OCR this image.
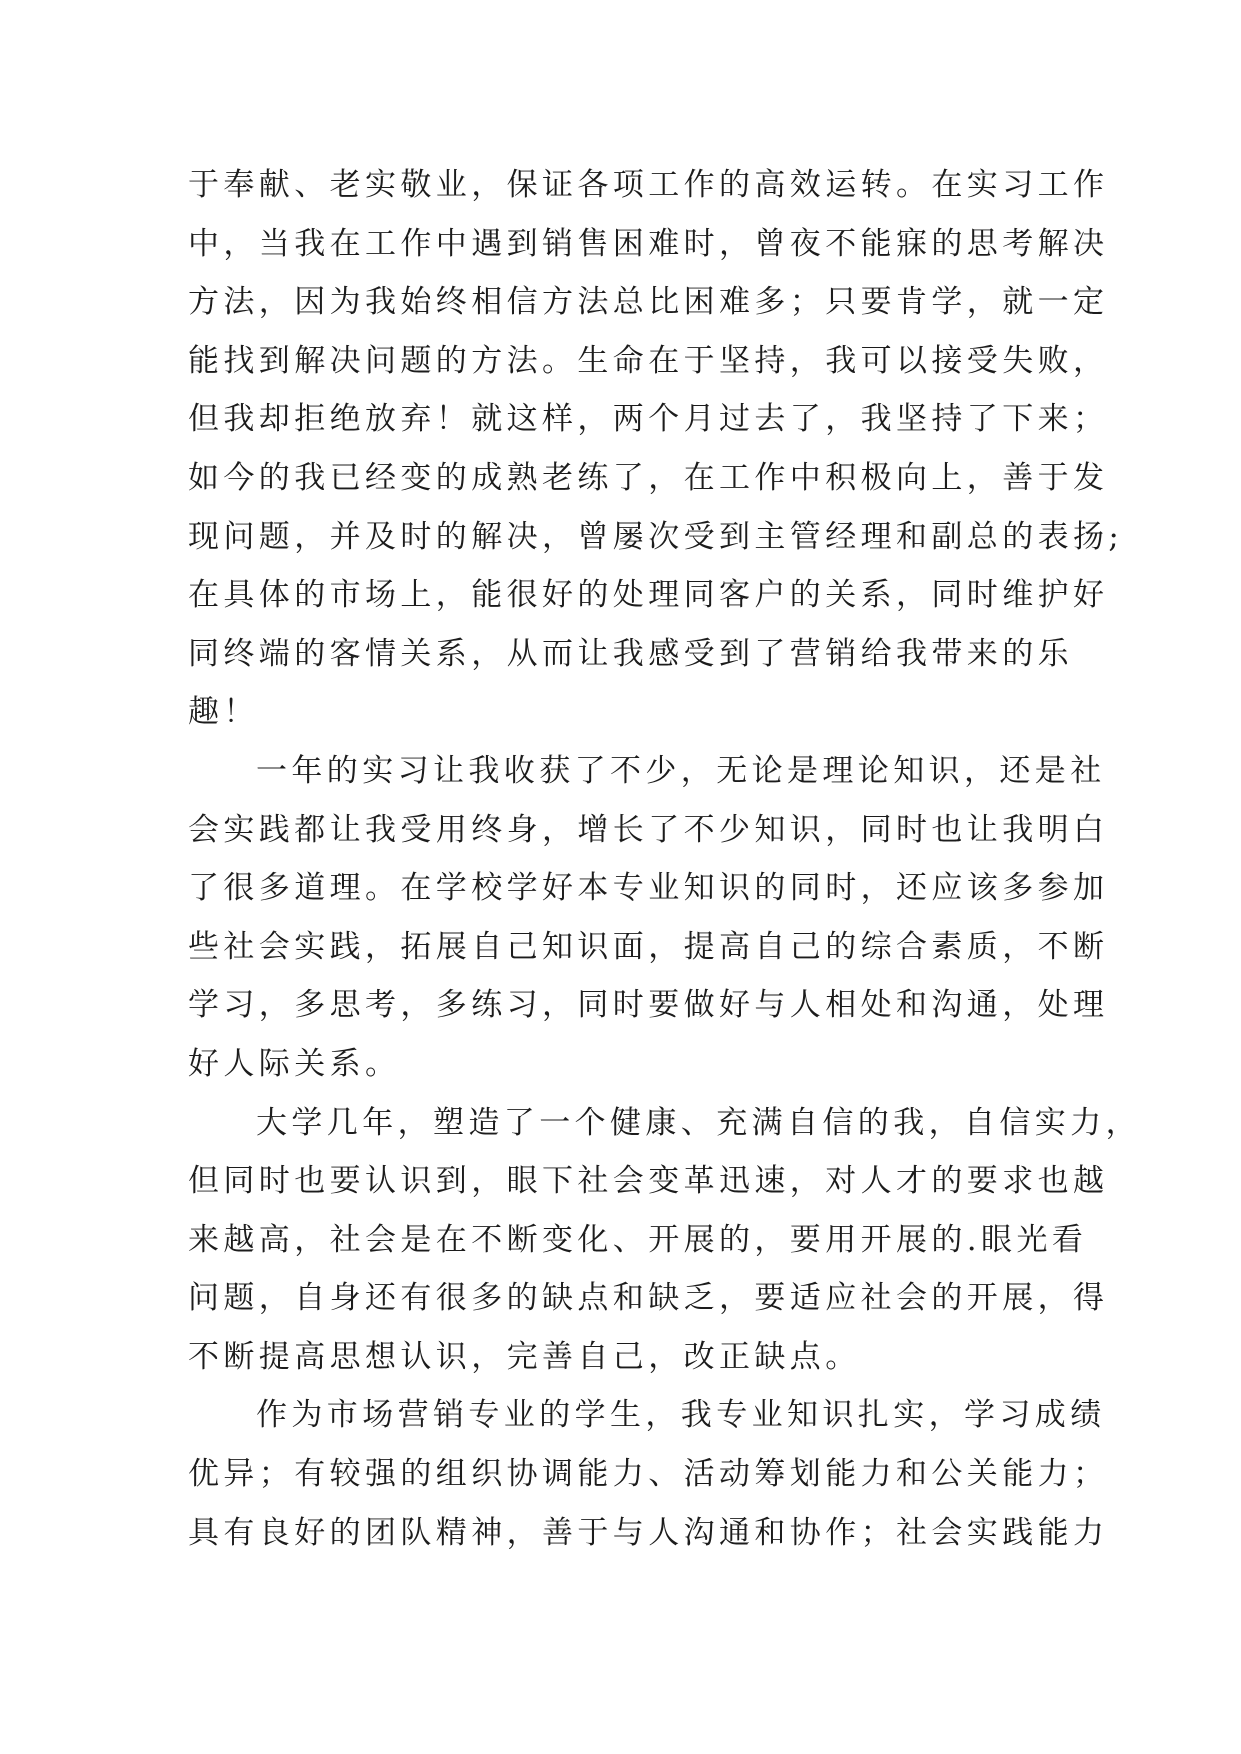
于奉献、老实敬业，保证各项工作的高效运转。在实习工作
中，当我在工作中遇到销售困难时，曾夜不能寐的思考解决
方法，因为我始终相信方法总比困难多；只要肯学，就一定
能找到解决问题的方法。生命在于坚持，我可以接受失败，
但我却拒绝放弃！就这样，两个月过去了，我坚持了下来；
如今的我已经变的成熟老练了，在工作中积极向上，善于发
现问题，并及时的解决，曾屡次受到主管经理和副总的表扬;
在具体的市场上，能很好的处理同客户的关系，同时维护好
同终端的客情关系，从而让我感受到了营销给我带来的乐
趣！
一年的实习让我收获了不少，无论是理论知识，还是社
会实践都让我受用终身，增长了不少知识，同时也让我明白
了很多道理。在学校学好本专业知识的同时，还应该多参加
些社会实践，拓展自己知识面，提高自己的综合素质，不断
学习，多思考，多练习，同时要做好与人相处和沟通，处理
好人际关系。
大学几年，塑造了一个健康、充满自信的我，自信实力，
但同时也要认识到，眼下社会变革迅速，对人才的要求也越
来越高，社会是在不断变化、开展的，要用开展的.眼光看
问题，自身还有很多的缺点和缺乏，要适应社会的开展，得
不断提高思想认识，完善自己，改正缺点。
作为市场营销专业的学生，我专业知识扎实，学习成绩
优异；有较强的组织协调能力、活动筹划能力和公关能力；
具有良好的团队精神，善于与人沟通和协作；社会实践能力
